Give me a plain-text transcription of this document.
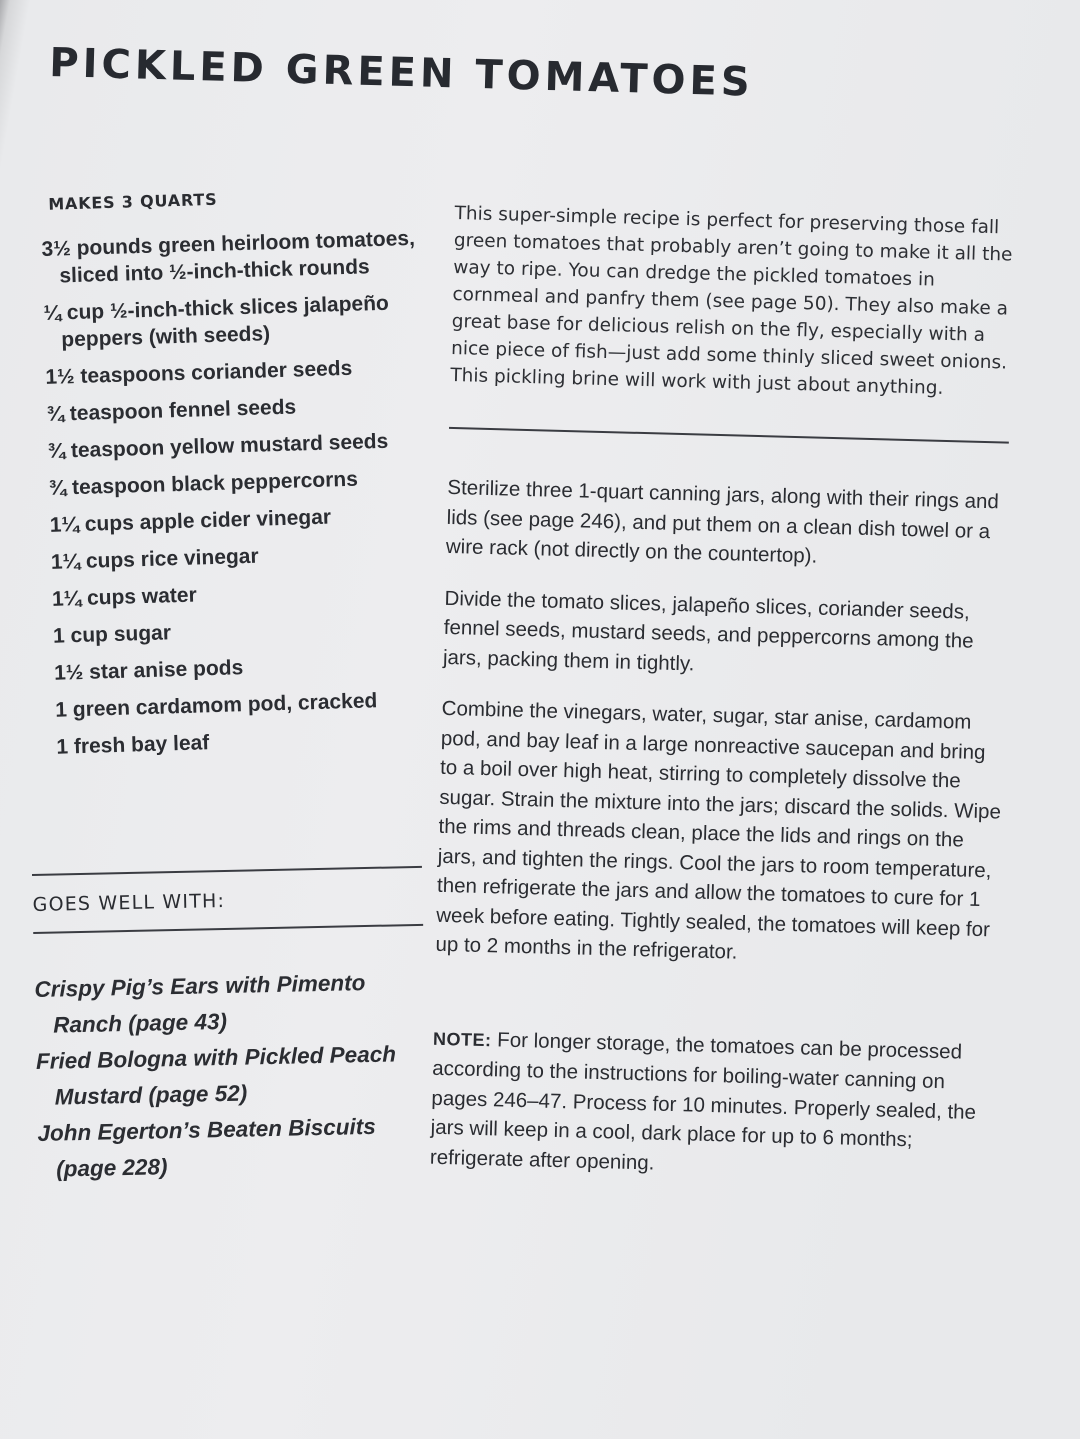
PICKLED GREEN TOMATOES
MAKES 3 QUARTS
3½ pounds green heirloom tomatoes, sliced into ½-inch-thick rounds
¼ cup ½-inch-thick slices jalapeño peppers (with seeds)
1½ teaspoons coriander seeds
¾ teaspoon fennel seeds
¾ teaspoon yellow mustard seeds
¾ teaspoon black peppercorns
1¼ cups apple cider vinegar
1¼ cups rice vinegar
1¼ cups water
1 cup sugar
1½ star anise pods
1 green cardamom pod, cracked
1 fresh bay leaf
GOES WELL WITH:
Crispy Pig’s Ears with Pimento Ranch (page 43)
Fried Bologna with Pickled Peach Mustard (page 52)
John Egerton’s Beaten Biscuits (page 228)

This super-simple recipe is perfect for preserving those fall green tomatoes that probably aren’t going to make it all the way to ripe. You can dredge the pickled tomatoes in cornmeal and panfry them (see page 50). They also make a great base for delicious relish on the fly, especially with a nice piece of fish—just add some thinly sliced sweet onions. This pickling brine will work with just about anything.

Sterilize three 1-quart canning jars, along with their rings and lids (see page 246), and put them on a clean dish towel or a wire rack (not directly on the countertop).

Divide the tomato slices, jalapeño slices, coriander seeds, fennel seeds, mustard seeds, and peppercorns among the jars, packing them in tightly.

Combine the vinegars, water, sugar, star anise, cardamom pod, and bay leaf in a large nonreactive saucepan and bring to a boil over high heat, stirring to completely dissolve the sugar. Strain the mixture into the jars; discard the solids. Wipe the rims and threads clean, place the lids and rings on the jars, and tighten the rings. Cool the jars to room temperature, then refrigerate the jars and allow the tomatoes to cure for 1 week before eating. Tightly sealed, the tomatoes will keep for up to 2 months in the refrigerator.

NOTE: For longer storage, the tomatoes can be processed according to the instructions for boiling-water canning on pages 246–47. Process for 10 minutes. Properly sealed, the jars will keep in a cool, dark place for up to 6 months; refrigerate after opening.
